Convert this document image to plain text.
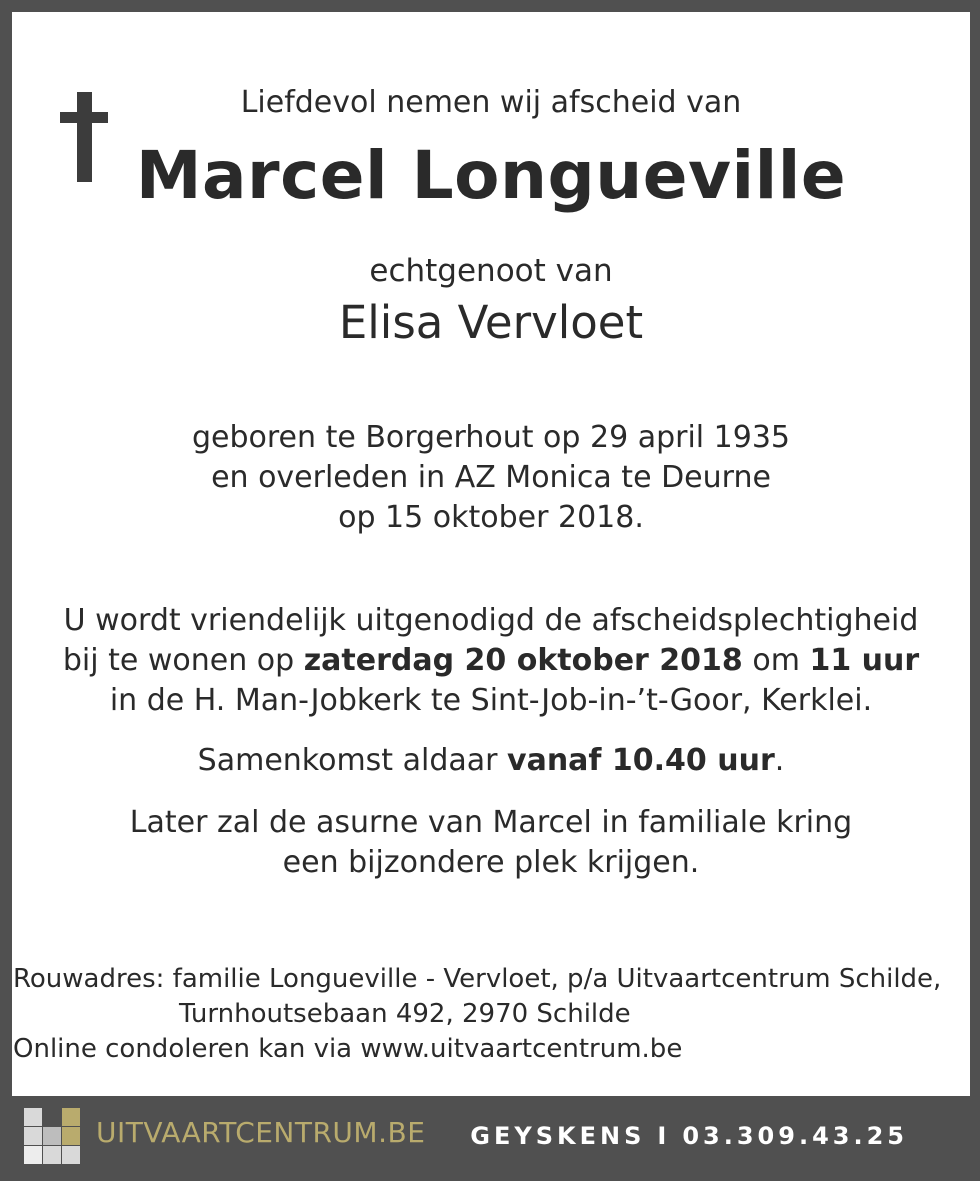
Liefdevol nemen wij afscheid van
Marcel Longueville
echtgenoot van
Elisa Vervloet
geboren te Borgerhout op 29 april 1935
en overleden in AZ Monica te Deurne
op 15 oktober 2018.
U wordt vriendelijk uitgenodigd de afscheidsplechtigheid
bij te wonen op zaterdag 20 oktober 2018 om 11 uur
in de H. Man-Jobkerk te Sint-Job-in-’t-Goor, Kerklei.
Samenkomst aldaar vanaf 10.40 uur.
Later zal de asurne van Marcel in familiale kring
een bijzondere plek krijgen.
Rouwadres: familie Longueville - Vervloet, p/a Uitvaartcentrum Schilde,
Turnhoutsebaan 492, 2970 Schilde
Online condoleren kan via www.uitvaartcentrum.be
UITVAARTCENTRUM.BE GEYSKENS I 03.309.43.25
